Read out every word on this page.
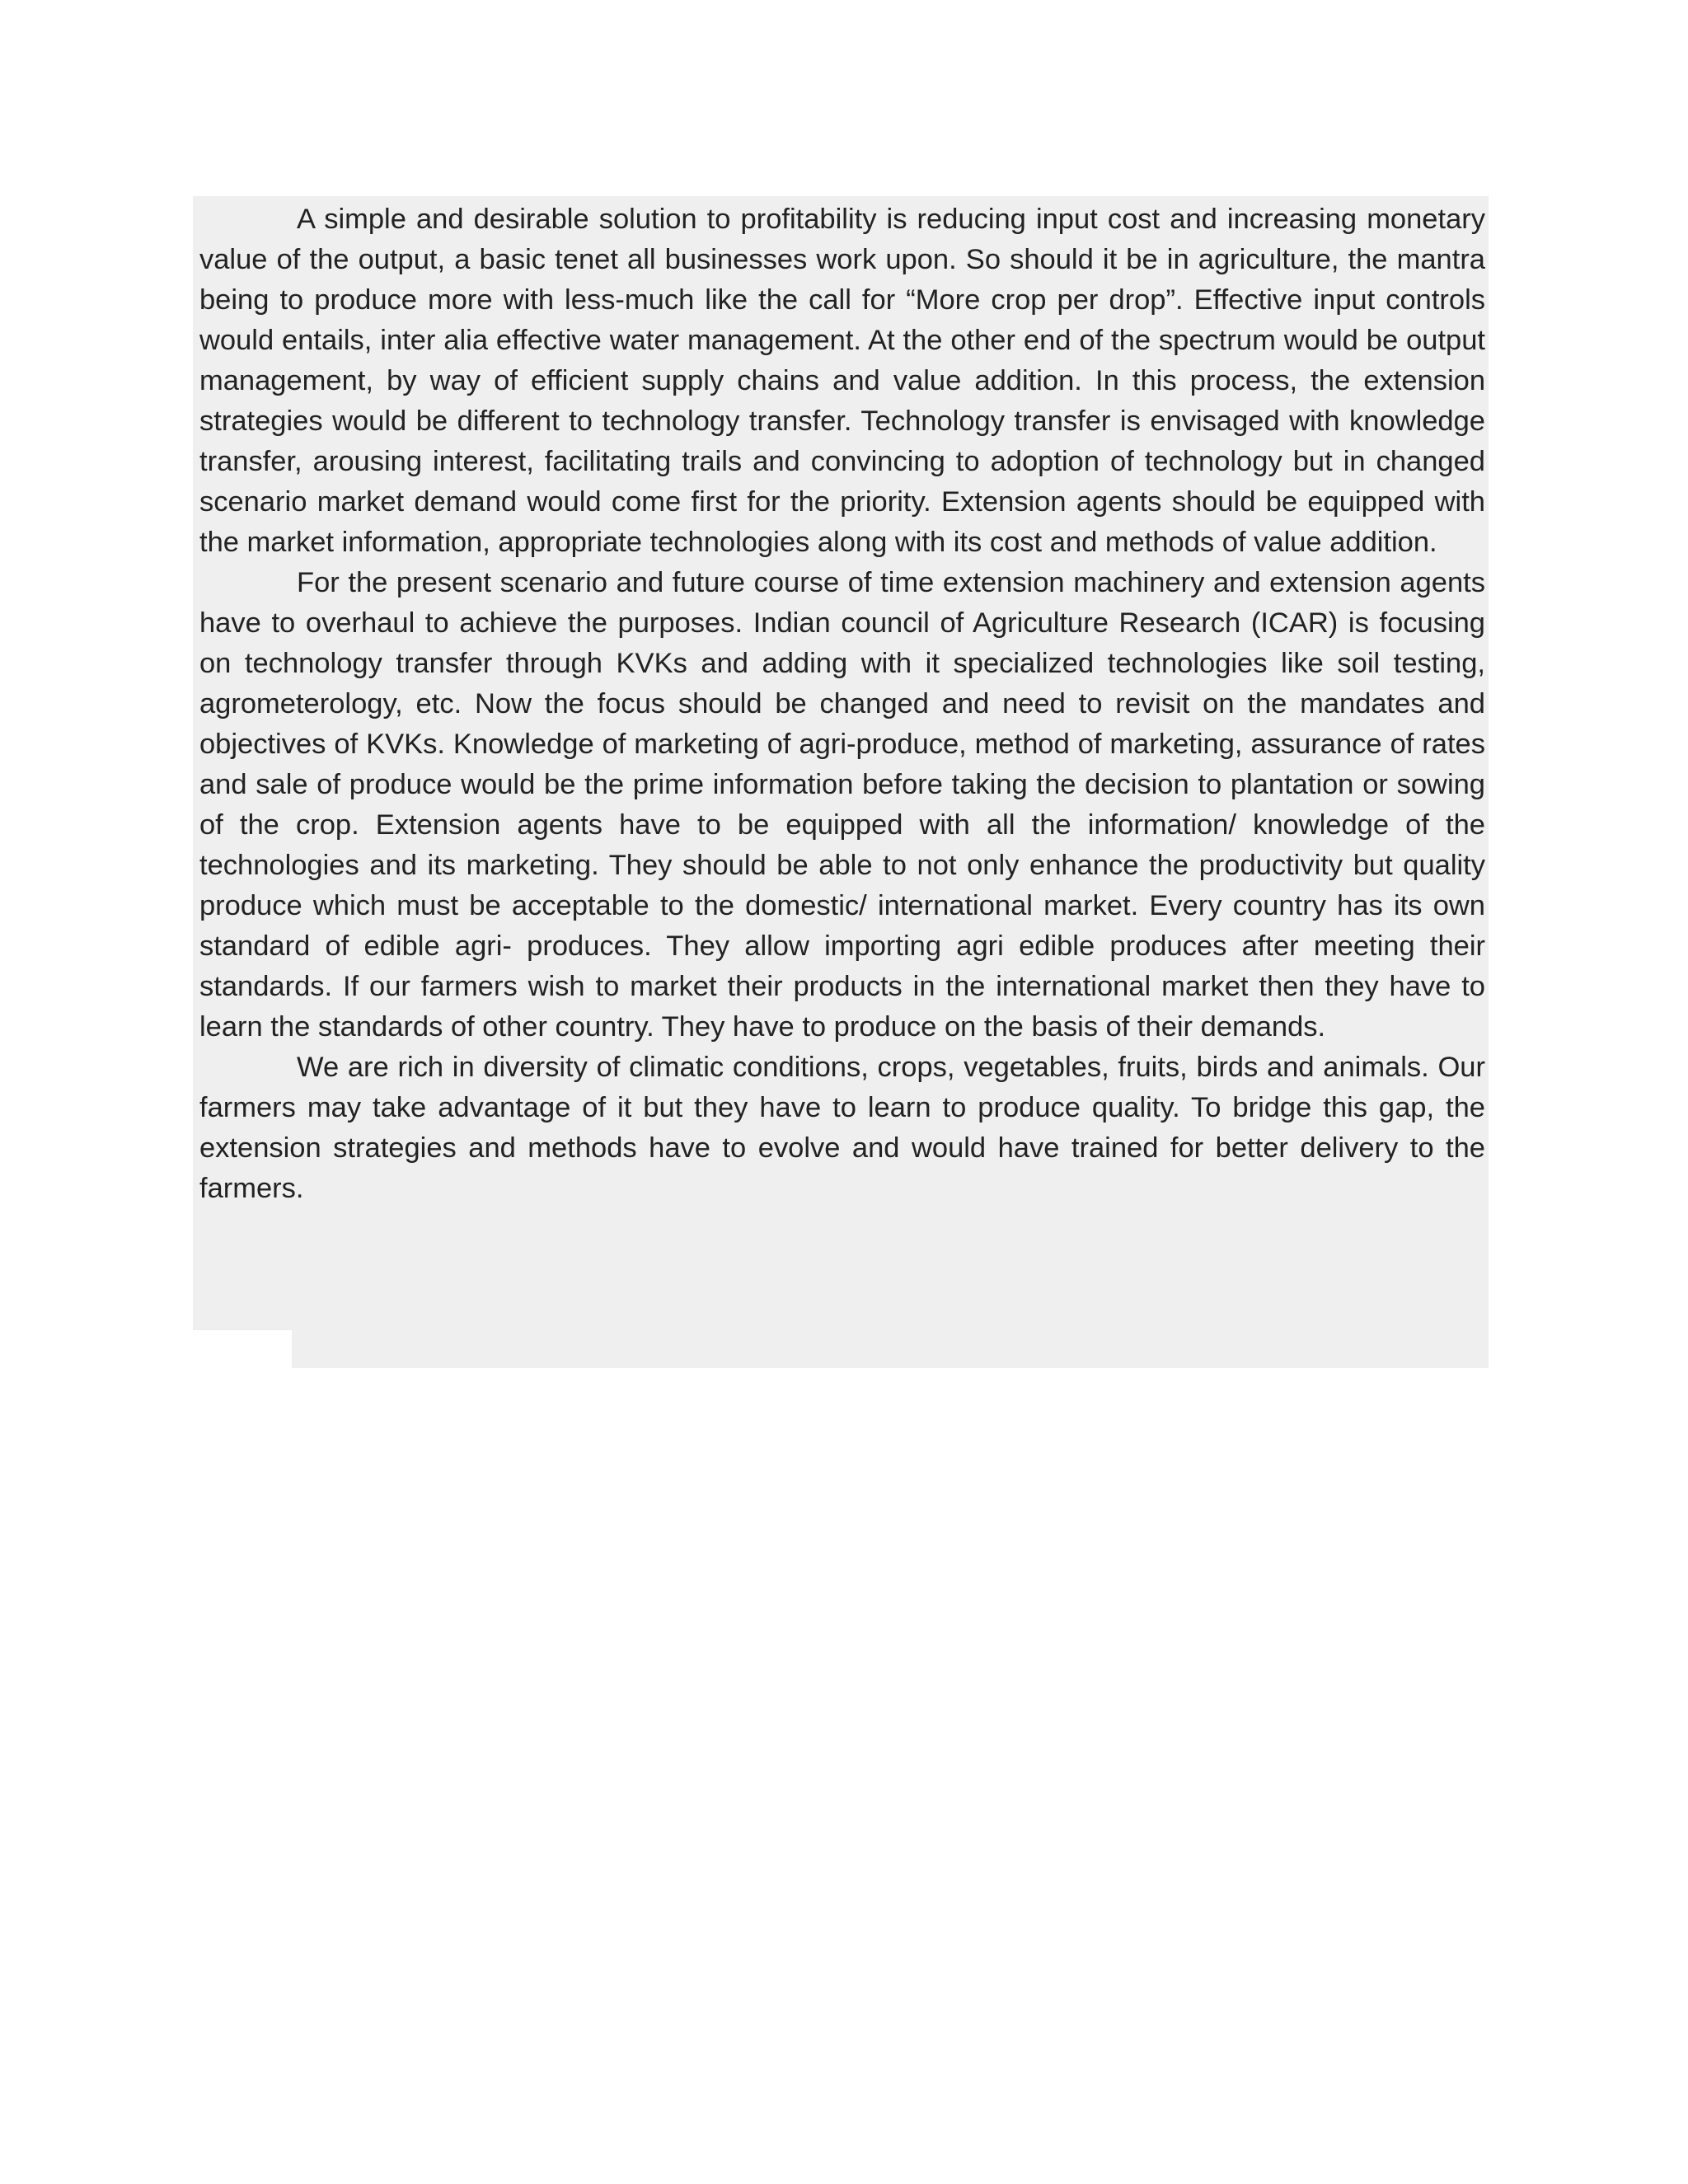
A simple and desirable solution to profitability is reducing input cost and increasing monetary value of the output, a basic tenet all businesses work upon. So should it be in agriculture, the mantra being to produce more with less-much like the call for “More crop per drop”. Effective input controls would entails, inter alia effective water management. At the other end of the spectrum would be output management, by way of efficient supply chains and value addition. In this process, the extension strategies would be different to technology transfer. Technology transfer is envisaged with knowledge transfer, arousing interest, facilitating trails and convincing to adoption of technology but in changed scenario market demand would come first for the priority. Extension agents should be equipped with the market information, appropriate technologies along with its cost and methods of value addition.

For the present scenario and future course of time extension machinery and extension agents have to overhaul to achieve the purposes. Indian council of Agriculture Research (ICAR) is focusing on technology transfer through KVKs and adding with it specialized technologies like soil testing, agrometerology, etc. Now the focus should be changed and need to revisit on the mandates and objectives of KVKs. Knowledge of marketing of agri-produce, method of marketing, assurance of rates and sale of produce would be the prime information before taking the decision to plantation or sowing of the crop. Extension agents have to be equipped with all the information/ knowledge of the technologies and its marketing. They should be able to not only enhance the productivity but quality produce which must be acceptable to the domestic/ international market. Every country has its own standard of edible agri- produces. They allow importing agri edible produces after meeting their standards. If our farmers wish to market their products in the international market then they have to learn the standards of other country. They have to produce on the basis of their demands.

We are rich in diversity of climatic conditions, crops, vegetables, fruits, birds and animals. Our farmers may take advantage of it but they have to learn to produce quality. To bridge this gap, the extension strategies and methods have to evolve and would have trained for better delivery to the farmers.
